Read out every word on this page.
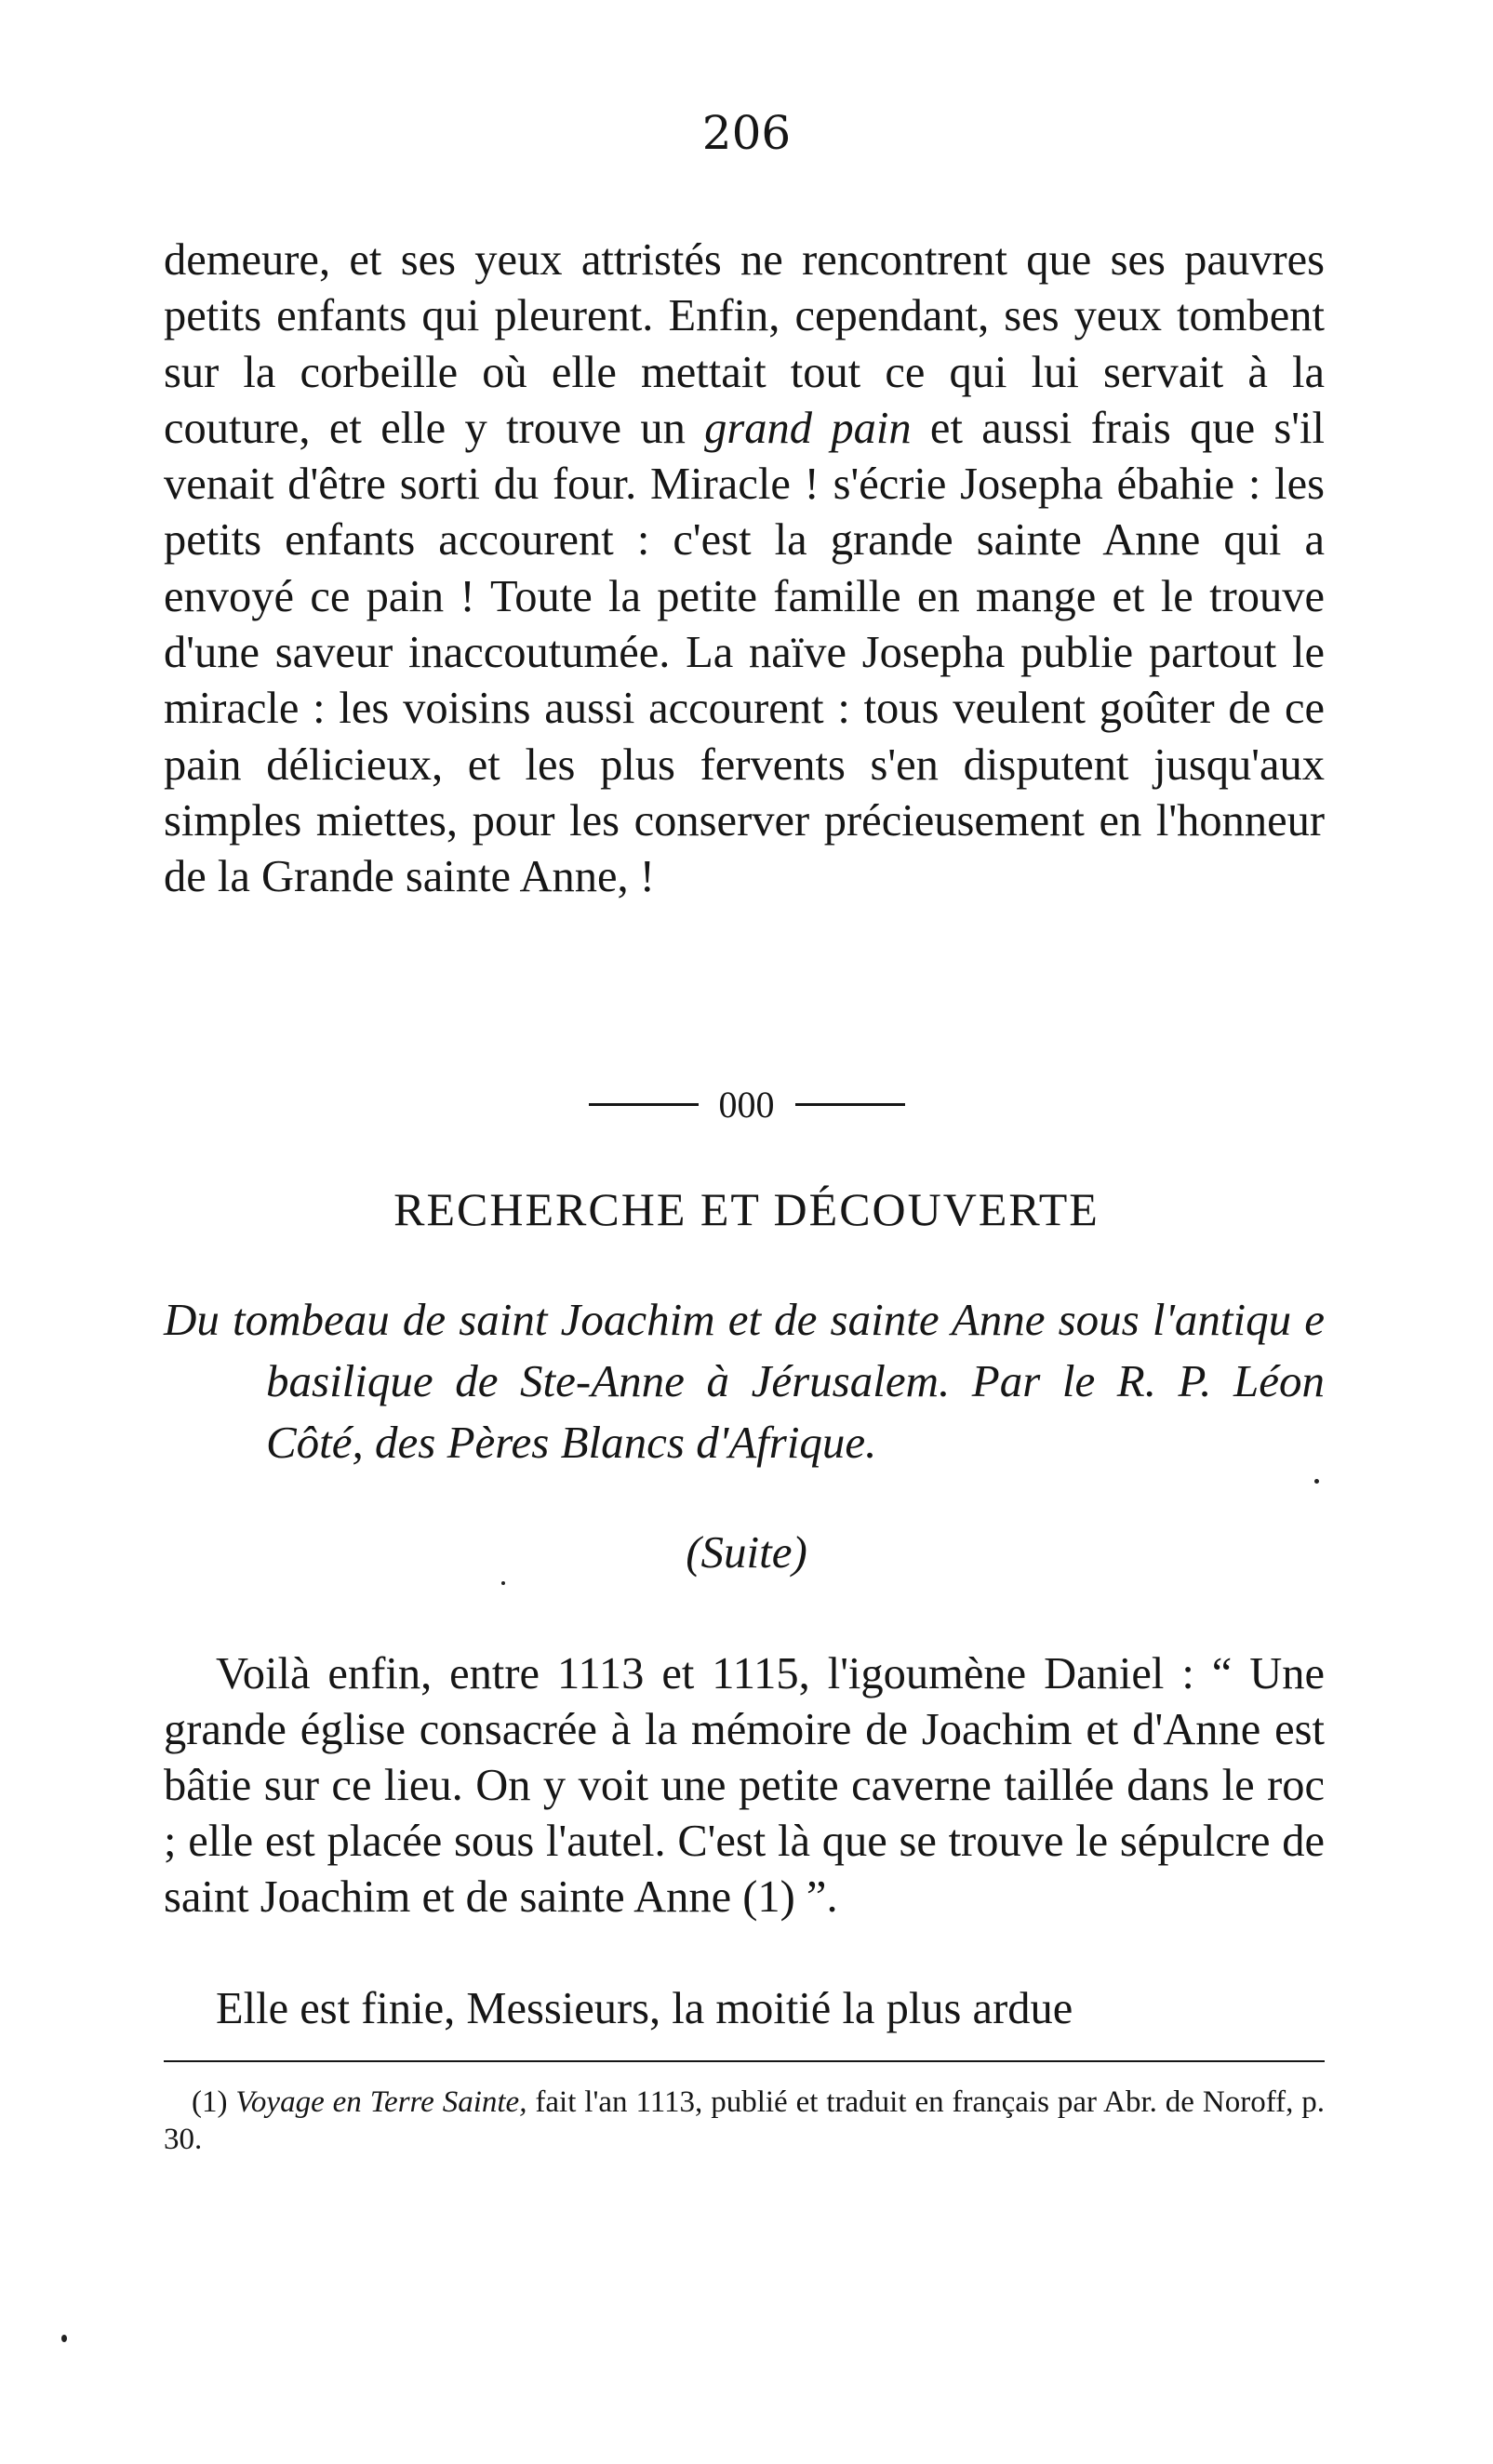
206
demeure, et ses yeux attristés ne rencontrent que ses pauvres petits enfants qui pleurent. Enfin, cependant, ses yeux tombent sur la corbeille où elle mettait tout ce qui lui servait à la couture, et elle y trouve un grand pain et aussi frais que s'il venait d'être sorti du four. Miracle ! s'écrie Josepha ébahie : les petits enfants accourent : c'est la grande sainte Anne qui a envoyé ce pain ! Toute la petite famille en mange et le trouve d'une saveur inaccoutumée. La naïve Josepha publie partout le miracle : les voisins aussi accourent : tous veulent goûter de ce pain délicieux, et les plus fervents s'en disputent jusqu'aux simples miettes, pour les conserver précieusement en l'honneur de la Grande sainte Anne, !
000
RECHERCHE ET DÉCOUVERTE
Du tombeau de saint Joachim et de sainte Anne sous l'antiqu e basilique de Ste-Anne à Jérusalem. Par le R. P. Léon Côté, des Pères Blancs d'Afrique.
(Suite)
Voilà enfin, entre 1113 et 1115, l'igoumène Daniel : “ Une grande église consacrée à la mémoire de Joachim et d'Anne est bâtie sur ce lieu. On y voit une petite caverne taillée dans le roc ; elle est placée sous l'autel. C'est là que se trouve le sépulcre de saint Joachim et de sainte Anne (1) ”.
Elle est finie, Messieurs, la moitié la plus ardue
(1) Voyage en Terre Sainte, fait l'an 1113, publié et traduit en français par Abr. de Noroff, p. 30.
